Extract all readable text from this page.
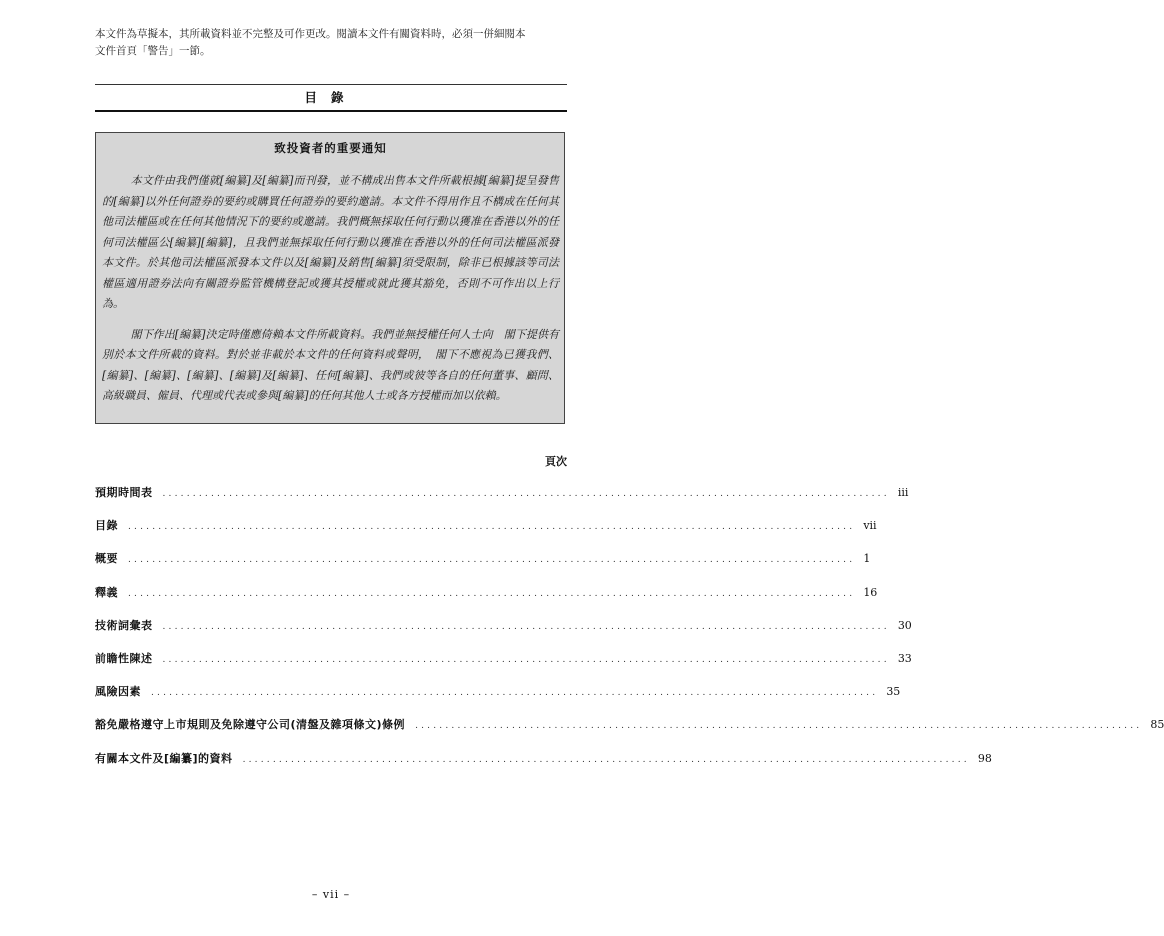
本文件為草擬本，其所載資料並不完整及可作更改。閱讀本文件有關資料時，必須一併細閱本
文件首頁「警告」一節。
目錄
致投資者的重要通知

本文件由我們僅就[編纂]及[編纂]而刊發，並不構成出售本文件所載根據[編纂]提呈發售的[編纂]以外任何證券的要約或購買任何證券的要約邀請。本文件不得用作且不構成在任何其他司法權區或在任何其他情況下的要約或邀請。我們概無採取任何行動以獲准在香港以外的任何司法權區公[編纂][編纂]，且我們並無採取任何行動以獲准在香港以外的任何司法權區派發本文件。於其他司法權區派發本文件以及[編纂]及銷售[編纂]須受限制，除非已根據該等司法權區適用證券法向有關證券監管機構登記或獲其授權或就此獲其豁免，否則不可作出以上行為。

閣下作出[編纂]決定時僅應倚賴本文件所載資料。我們並無授權任何人士向　閣下提供有別於本文件所載的資料。對於並非載於本文件的任何資料或聲明，　閣下不應視為已獲我們、[編纂]、[編纂]、[編纂]、[編纂]及[編纂]、任何[編纂]、我們或彼等各自的任何董事、顧問、高級職員、僱員、代理或代表或參與[編纂]的任何其他人士或各方授權而加以依賴。

頁次
預期時間表	........................................................................................................................ iii
目錄	........................................................................................................................ vii
概要	........................................................................................................................ 1
釋義	........................................................................................................................ 16
技術詞彙表	........................................................................................................................ 30
前瞻性陳述	........................................................................................................................ 33
風險因素	........................................................................................................................ 35
豁免嚴格遵守上市規則及免除遵守公司(清盤及雜項條文)條例	........................................................................................................................ 85
有關本文件及[編纂]的資料	........................................................................................................................ 98
– vii –
